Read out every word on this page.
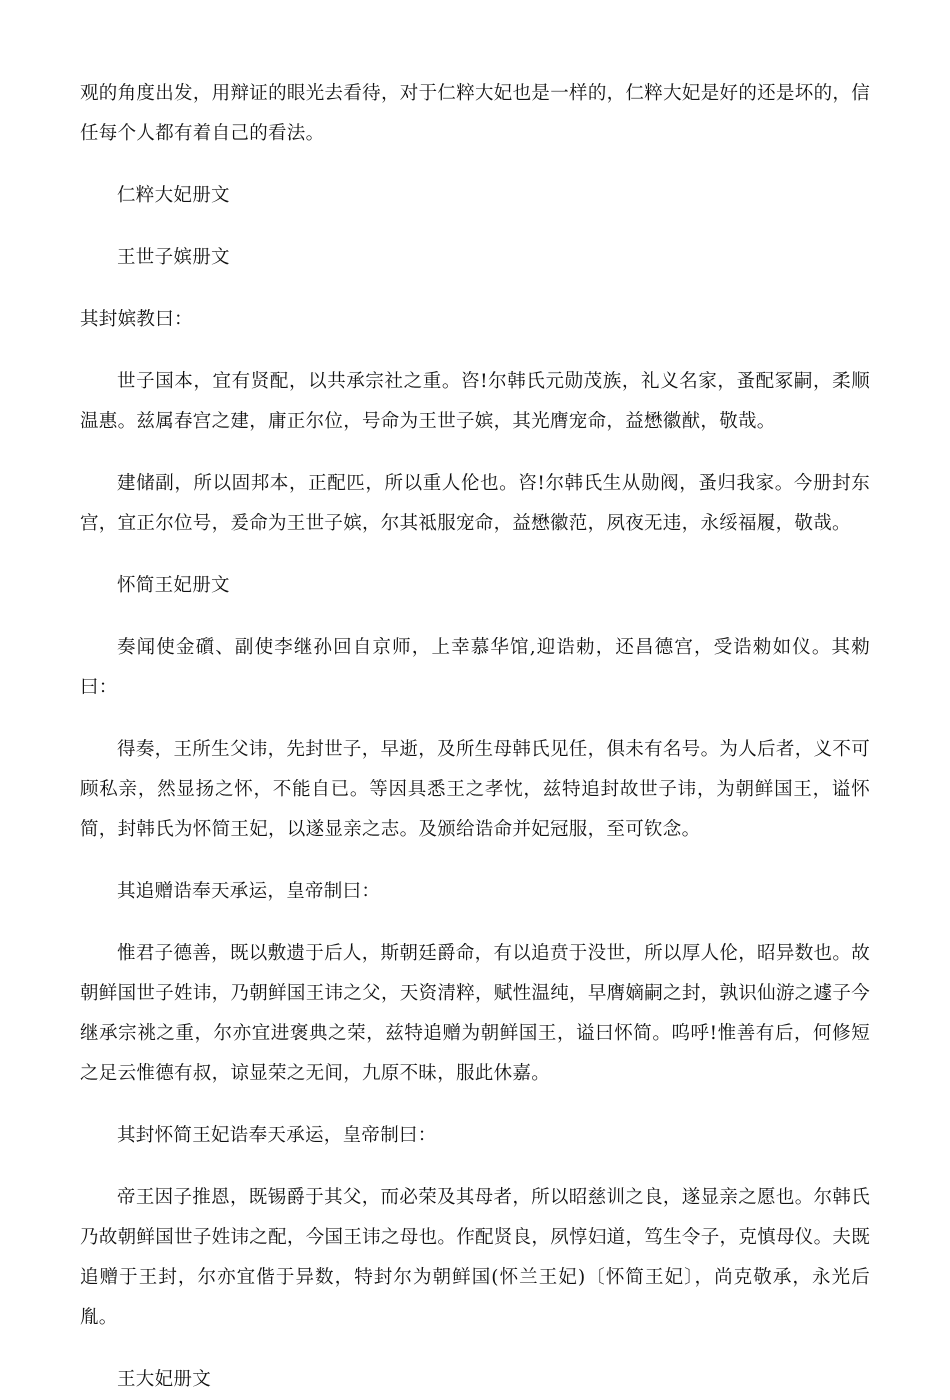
观的角度出发，用辩证的眼光去看待，对于仁粹大妃也是一样的，仁粹大妃是好的还是坏的，信任每个人都有着自己的看法。

仁粹大妃册文

王世子嫔册文

其封嫔教曰：

世子国本，宜有贤配，以共承宗社之重。咨!尔韩氏元勋茂族，礼义名家，蚤配冢嗣，柔顺温惠。兹属春宫之建，庸正尔位，号命为王世子嫔，其光膺宠命，益懋徽猷，敬哉。

建储副，所以固邦本，正配匹，所以重人伦也。咨!尔韩氏生从勋阀，蚤归我家。今册封东宫，宜正尔位号，爰命为王世子嫔，尔其祗服宠命，益懋徽范，夙夜无违，永绥福履，敬哉。

怀简王妃册文

奏闻使金礩、副使李继孙回自京师，上幸慕华馆,迎诰勅，还昌德宫，受诰勑如仪。其勑曰：

得奏，王所生父讳，先封世子，早逝，及所生母韩氏见任，俱未有名号。为人后者，义不可顾私亲，然显扬之怀，不能自已。等因具悉王之孝忱，兹特追封故世子讳，为朝鲜国王，谥怀简，封韩氏为怀简王妃，以遂显亲之志。及颁给诰命并妃冠服，至可钦念。

其追赠诰奉天承运，皇帝制曰：

惟君子德善，既以敷遗于后人，斯朝廷爵命，有以追贲于没世，所以厚人伦，昭异数也。故朝鲜国世子姓讳，乃朝鲜国王讳之父，天资清粹，赋性温纯，早膺嫡嗣之封，孰识仙游之遽子今继承宗祧之重，尔亦宜进褒典之荣，兹特追赠为朝鲜国王，谥曰怀简。呜呼!惟善有后，何修短之足云惟德有叔，谅显荣之无间，九原不昧，服此休嘉。

其封怀简王妃诰奉天承运，皇帝制曰：

帝王因子推恩，既锡爵于其父，而必荣及其母者，所以昭慈训之良，遂显亲之愿也。尔韩氏乃故朝鲜国世子姓讳之配，今国王讳之母也。作配贤良，夙惇妇道，笃生令子，克慎母仪。夫既追赠于王封，尔亦宜偕于异数，特封尔为朝鲜国(怀兰王妃)〔怀简王妃〕，尚克敬承，永光后胤。

王大妃册文
